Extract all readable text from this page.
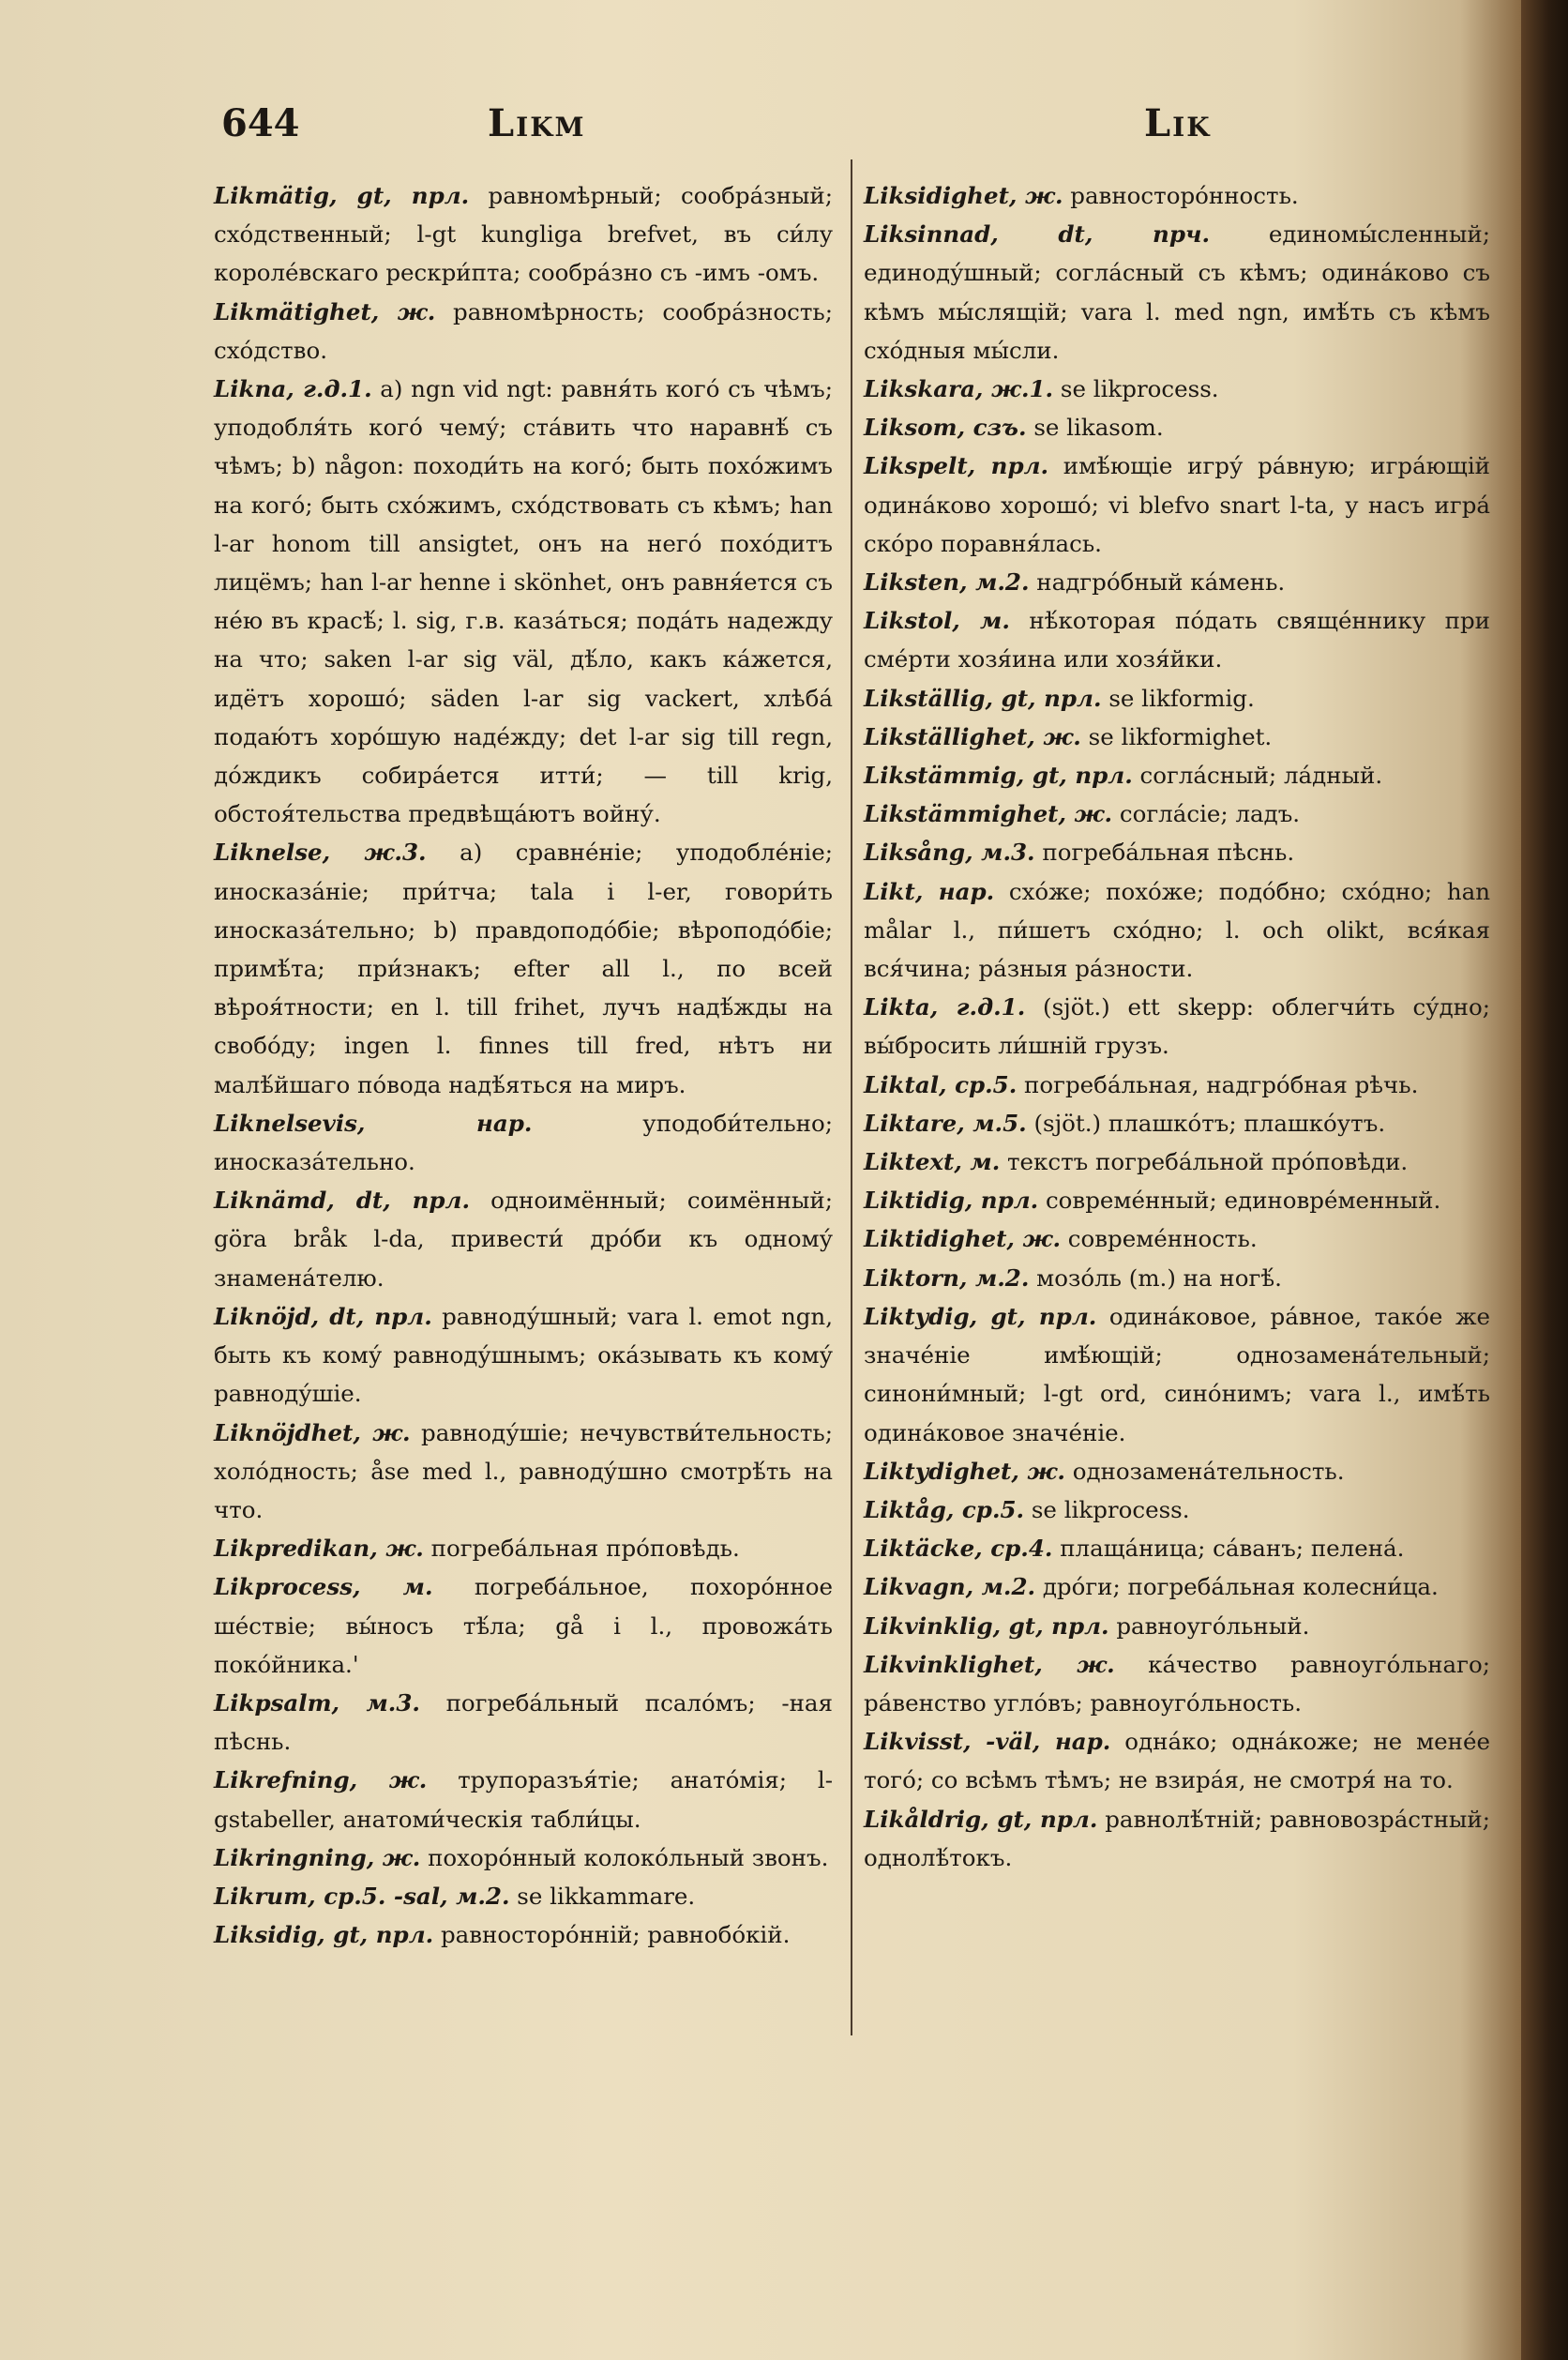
644	Likm	Lik

Likmätig, gt, прл. равномѣрный; сообра́зный; схо́дственный; l-gt kungliga brefvet, въ си́лу короле́вскаго рескри́пта; сообра́зно съ -имъ -омъ.

Likmätighet, ж. равномѣрность; сообра́зность; схо́дство.

Likna, г.д.1. a) ngn vid ngt: равня́ть кого́ съ чѣмъ; уподобля́ть кого́ чему́; ста́вить что наравнѣ́ съ чѣмъ; b) någon: походи́ть на кого́; быть похо́жимъ на кого́; быть схо́жимъ, схо́дствовать съ кѣмъ; han l-ar honom till ansigtet, онъ на него́ похо́дитъ лицёмъ; han l-ar henne i skönhet, онъ равня́ется съ не́ю въ красѣ́; l. sig, г.в. каза́ться; пода́ть надежду на что; saken l-ar sig väl, дѣ́ло, какъ ка́жется, идётъ хорошо́; säden l-ar sig vackert, хлѣба́ подаю́тъ хоро́шую наде́жду; det l-ar sig till regn, до́ждикъ собира́ется итти́; — till krig, обстоя́тельства предвѣща́ютъ войну́.

Liknelse, ж.3. a) сравне́ніе; уподобле́ніе; иносказа́ніе; при́тча; tala i l-er, говори́ть иносказа́тельно; b) правдоподо́біе; вѣроподо́біе; примѣ́та; при́знакъ; efter all l., по всей вѣроя́тности; en l. till frihet, лучъ надѣ́жды на свобо́ду; ingen l. finnes till fred, нѣтъ ни малѣ́йшаго по́вода надѣ́яться на миръ.

Liknelsevis, нар. уподоби́тельно; иносказа́тельно.

Liknämd, dt, прл. одноимённый; соимённый; göra bråk l-da, привести́ дро́би къ одному́ знамена́телю.

Liknöjd, dt, прл. равноду́шный; vara l. emot ngn, быть къ кому́ равноду́шнымъ; ока́зывать къ кому́ равноду́шіе.

Liknöjdhet, ж. равноду́шіе; нечувстви́тельность; холо́дность; åse med l., равноду́шно смотрѣ́ть на что.

Likpredikan, ж. погреба́льная про́повѣдь.

Likprocess, м. погреба́льное, похоро́нное ше́ствіе; вы́носъ тѣ́ла; gå i l., провожа́ть поко́йника.'

Likpsalm, м.3. погреба́льный псало́мъ; -ная пѣснь.

Likrefning, ж. трупоразъя́тіе; анато́мія; l-gstabeller, анатоми́ческія табли́цы.

Likringning, ж. похоро́нный колоко́льный звонъ.

Likrum, ср.5. -sal, м.2. se likkammare.

Liksidig, gt, прл. равносторо́нній; равнобо́кій.

Liksidighet, ж. равносторо́нность.

Liksinnad, dt, прч. единомы́сленный; единоду́шный; согла́сный съ кѣмъ; одина́ково съ кѣмъ мы́слящій; vara l. med ngn, имѣ́ть съ кѣмъ схо́дныя мы́сли.

Likskara, ж.1. se likprocess.

Liksom, сзъ. se likasom.

Likspelt, прл. имѣ́ющіе игру́ ра́вную; игра́ющій одина́ково хорошо́; vi blefvo snart l-ta, у насъ игра́ ско́ро поравня́лась.

Liksten, м.2. надгро́бный ка́мень.

Likstol, м. нѣ́которая по́дать свяще́ннику при сме́рти хозя́ина или хозя́йки.

Likställig, gt, прл. se likformig.

Likställighet, ж. se likformighet.

Likstämmig, gt, прл. согла́сный; ла́дный.

Likstämmighet, ж. согла́сіе; ладъ.

Liksång, м.3. погреба́льная пѣснь.

Likt, нар. схо́же; похо́же; подо́бно; схо́дно; han målar l., пи́шетъ схо́дно; l. och olikt, вся́кая вся́чина; ра́зныя ра́зности.

Likta, г.д.1. (sjöt.) ett skepp: облегчи́ть су́дно; вы́бросить ли́шній грузъ.

Liktal, ср.5. погреба́льная, надгро́бная рѣчь.

Liktare, м.5. (sjöt.) плашко́тъ; плашко́утъ.

Liktext, м. текстъ погреба́льной про́повѣди.

Liktidig, прл. совреме́нный; единовре́менный.

Liktidighet, ж. совреме́нность.

Liktorn, м.2. мозо́ль (m.) на ногѣ́.

Liktydig, gt, прл. одина́ковое, ра́вное, тако́е же значе́ніе имѣ́ющій; однозамена́тельный; синони́мный; l-gt ord, сино́нимъ; vara l., имѣ́ть одина́ковое значе́ніе.

Liktydighet, ж. однозамена́тельность.

Liktåg, ср.5. se likprocess.

Liktäcke, ср.4. плаща́ница; са́ванъ; пелена́.

Likvagn, м.2. дро́ги; погреба́льная колесни́ца.

Likvinklig, gt, прл. равноуго́льный.

Likvinklighet, ж. ка́чество равноуго́льнаго; ра́венство угло́въ; равноуго́льность.

Likvisst, -väl, нар. одна́ко; одна́коже; не мене́е того́; со всѣмъ тѣмъ; не взира́я, не смотря́ на то.

Likåldrig, gt, прл. равнолѣ́тній; равновозра́стный; однолѣ́токъ.
